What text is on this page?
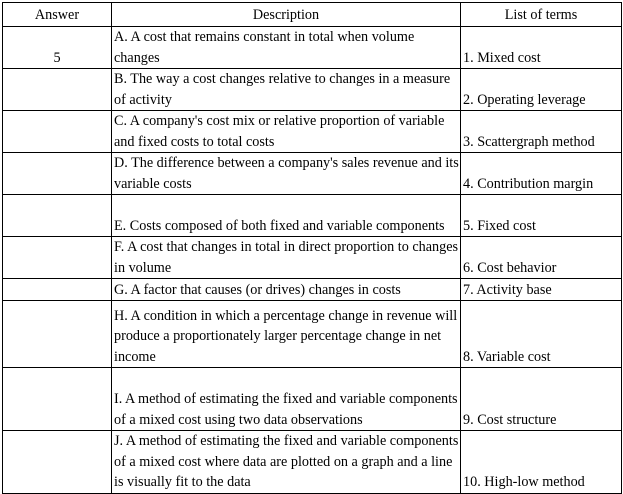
Answer	Description	List of terms
5	A. A cost that remains constant in total when volume changes	1. Mixed cost
	B. The way a cost changes relative to changes in a measure of activity	2. Operating leverage
	C. A company's cost mix or relative proportion of variable and fixed costs to total costs	3. Scattergraph method
	D. The difference between a company's sales revenue and its variable costs	4. Contribution margin
	E. Costs composed of both fixed and variable components	5. Fixed cost
	F. A cost that changes in total in direct proportion to changes in volume	6. Cost behavior
	G. A factor that causes (or drives) changes in costs	7. Activity base
	H. A condition in which a percentage change in revenue will produce a proportionately larger percentage change in net income	8. Variable cost
	I. A method of estimating the fixed and variable components of a mixed cost using two data observations	9. Cost structure
	J. A method of estimating the fixed and variable components of a mixed cost where data are plotted on a graph and a line is visually fit to the data	10. High-low method
